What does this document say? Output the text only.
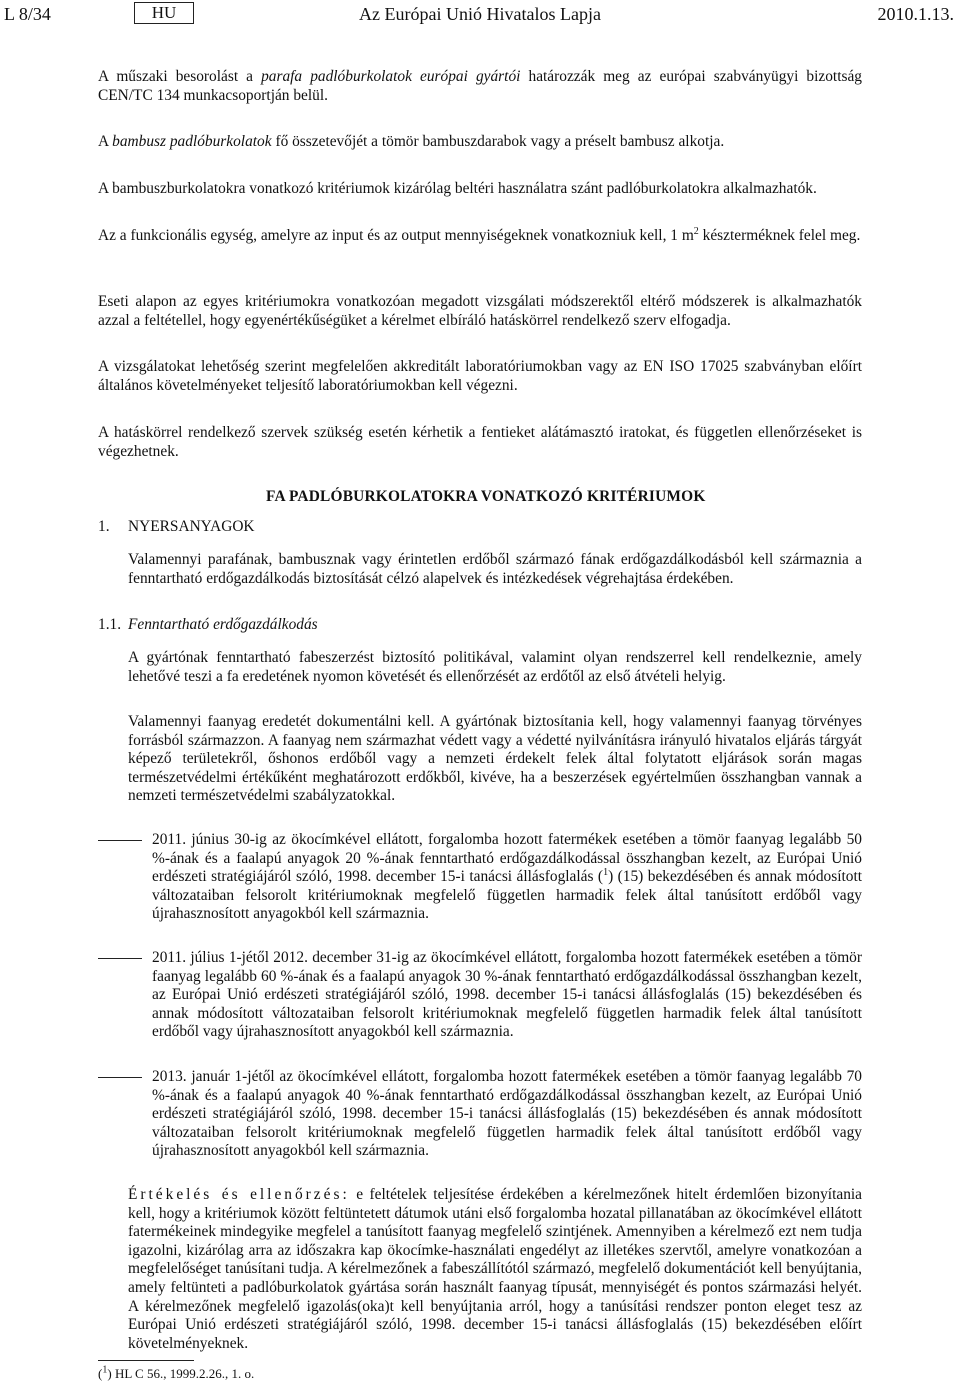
L 8/34	HU	Az Európai Unió Hivatalos Lapja	2010.1.13.

A műszaki besorolást a parafa padlóburkolatok európai gyártói határozzák meg az európai szabványügyi bizottság CEN/TC 134 munkacsoportján belül.

A bambusz padlóburkolatok fő összetevőjét a tömör bambuszdarabok vagy a préselt bambusz alkotja.

A bambuszburkolatokra vonatkozó kritériumok kizárólag beltéri használatra szánt padlóburkolatokra alkalmazhatók.

Az a funkcionális egység, amelyre az input és az output mennyiségeknek vonatkozniuk kell, 1 $m^2$ készterméknek felel meg.

Eseti alapon az egyes kritériumokra vonatkozóan megadott vizsgálati módszerektől eltérő módszerek is alkalmazhatók azzal a feltétellel, hogy egyenértékűségüket a kérelmet elbíráló hatáskörrel rendelkező szerv elfogadja.

A vizsgálatokat lehetőség szerint megfelelően akkreditált laboratóriumokban vagy az EN ISO 17025 szabványban előírt általános követelményeket teljesítő laboratóriumokban kell végezni.

A hatáskörrel rendelkező szervek szükség esetén kérhetik a fentieket alátámasztó iratokat, és független ellenőrzéseket is végezhetnek.

FA PADLÓBURKOLATOKRA VONATKOZÓ KRITÉRIUMOK
1. NYERSANYAGOK

Valamennyi parafának, bambusznak vagy érintetlen erdőből származó fának erdőgazdálkodásból kell származnia a fenntartható erdőgazdálkodás biztosítását célzó alapelvek és intézkedések végrehajtása érdekében.

1.1. Fenntartható erdőgazdálkodás

A gyártónak fenntartható fabeszerzést biztosító politikával, valamint olyan rendszerrel kell rendelkeznie, amely lehetővé teszi a fa eredetének nyomon követését és ellenőrzését az erdőtől az első átvételi helyig.

Valamennyi faanyag eredetét dokumentálni kell. A gyártónak biztosítania kell, hogy valamennyi faanyag törvényes forrásból származzon. A faanyag nem származhat védett vagy a védetté nyilvánításra irányuló hivatalos eljárás tárgyát képező területekről, őshonos erdőből vagy a nemzeti érdekelt felek által folytatott eljárások során magas természetvédelmi értékűként meghatározott erdőkből, kivéve, ha a beszerzések egyértelműen összhangban vannak a nemzeti természetvédelmi szabályzatokkal.

2011. június 30-ig az ökocímkével ellátott, forgalomba hozott fatermékek esetében a tömör faanyag legalább 50 %-ának és a faalapú anyagok 20 %-ának fenntartható erdőgazdálkodással összhangban kezelt, az Európai Unió erdészeti stratégiájáról szóló, 1998. december 15-i tanácsi állásfoglalás ($^1$) (15) bekezdésében és annak módosított változataiban felsorolt kritériumoknak megfelelő független harmadik felek által tanúsított erdőből vagy újrahasznosított anyagokból kell származnia.

2011. július 1-jétől 2012. december 31-ig az ökocímkével ellátott, forgalomba hozott fatermékek esetében a tömör faanyag legalább 60 %-ának és a faalapú anyagok 30 %-ának fenntartható erdőgazdálkodással összhangban kezelt, az Európai Unió erdészeti stratégiájáról szóló, 1998. december 15-i tanácsi állásfoglalás (15) bekezdésében és annak módosított változataiban felsorolt kritériumoknak megfelelő független harmadik felek által tanúsított erdőből vagy újrahasznosított anyagokból kell származnia.

2013. január 1-jétől az ökocímkével ellátott, forgalomba hozott fatermékek esetében a tömör faanyag legalább 70 %-ának és a faalapú anyagok 40 %-ának fenntartható erdőgazdálkodással összhangban kezelt, az Európai Unió erdészeti stratégiájáról szóló, 1998. december 15-i tanácsi állásfoglalás (15) bekezdésében és annak módosított változataiban felsorolt kritériumoknak megfelelő független harmadik felek által tanúsított erdőből vagy újrahasznosított anyagokból kell származnia.

Értékelés és ellenőrzés: e feltételek teljesítése érdekében a kérelmezőnek hitelt érdemlően bizonyítania kell, hogy a kritériumok között feltüntetett dátumok utáni első forgalomba hozatal pillanatában az ökocímkével ellátott fatermékeinek mindegyike megfelel a tanúsított faanyag megfelelő szintjének. Amennyiben a kérelmező ezt nem tudja igazolni, kizárólag arra az időszakra kap ökocímke-használati engedélyt az illetékes szervtől, amelyre vonatkozóan a megfelelőséget tanúsítani tudja. A kérelmezőnek a fabeszállítótól származó, megfelelő dokumentációt kell benyújtania, amely feltünteti a padlóburkolatok gyártása során használt faanyag típusát, mennyiségét és pontos származási helyét. A kérelmezőnek megfelelő igazolás(oka)t kell benyújtania arról, hogy a tanúsítási rendszer ponton eleget tesz az Európai Unió erdészeti stratégiájáról szóló, 1998. december 15-i tanácsi állásfoglalás (15) bekezdésében előírt követelményeknek.

($^1$) HL C 56., 1999.2.26., 1. o.
